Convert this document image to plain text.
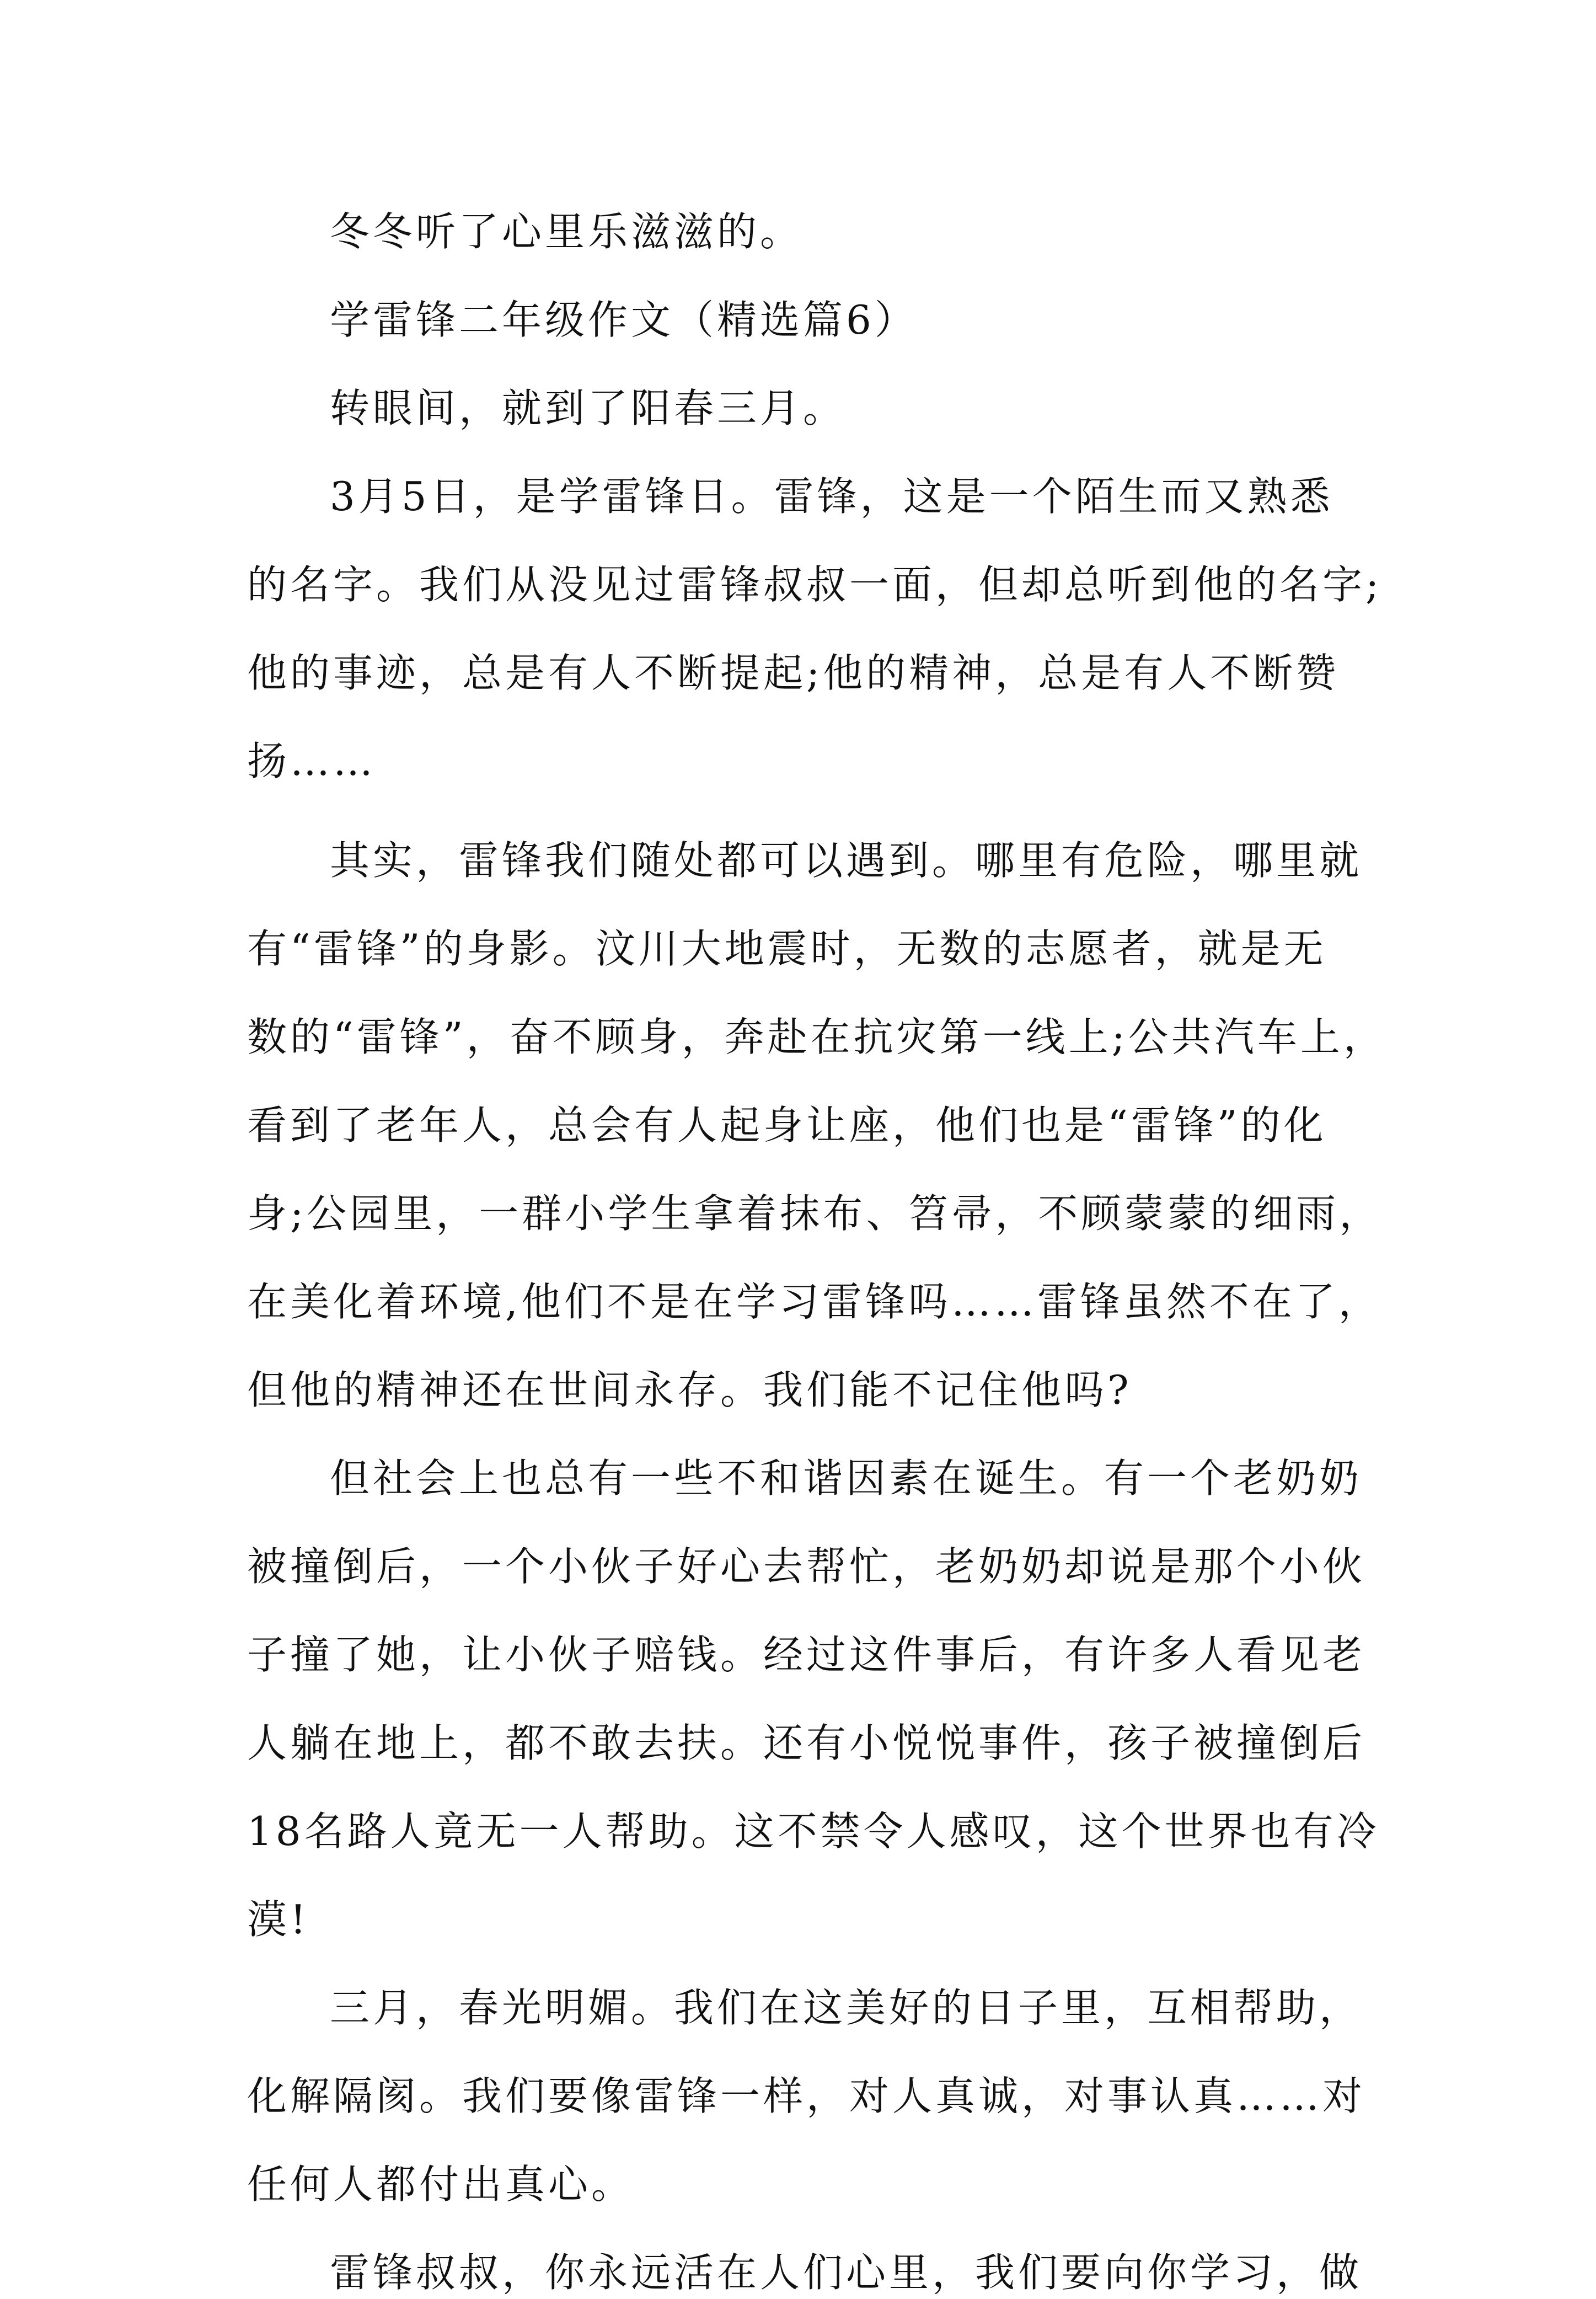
冬冬听了心里乐滋滋的。
学雷锋二年级作文（精选篇6）
转眼间，就到了阳春三月。
3月5日，是学雷锋日。雷锋，这是一个陌生而又熟悉
的名字。我们从没见过雷锋叔叔一面，但却总听到他的名字;
他的事迹，总是有人不断提起;他的精神，总是有人不断赞
扬……
其实，雷锋我们随处都可以遇到。哪里有危险，哪里就
有“雷锋”的身影。汶川大地震时，无数的志愿者，就是无
数的“雷锋”，奋不顾身，奔赴在抗灾第一线上;公共汽车上，
看到了老年人，总会有人起身让座，他们也是“雷锋”的化
身;公园里，一群小学生拿着抹布、笤帚，不顾蒙蒙的细雨，
在美化着环境,他们不是在学习雷锋吗……雷锋虽然不在了，
但他的精神还在世间永存。我们能不记住他吗?
但社会上也总有一些不和谐因素在诞生。有一个老奶奶
被撞倒后，一个小伙子好心去帮忙，老奶奶却说是那个小伙
子撞了她，让小伙子赔钱。经过这件事后，有许多人看见老
人躺在地上，都不敢去扶。还有小悦悦事件，孩子被撞倒后
18名路人竟无一人帮助。这不禁令人感叹，这个世界也有冷
漠!
三月，春光明媚。我们在这美好的日子里，互相帮助，
化解隔阂。我们要像雷锋一样，对人真诚，对事认真……对
任何人都付出真心。
雷锋叔叔，你永远活在人们心里，我们要向你学习，做
